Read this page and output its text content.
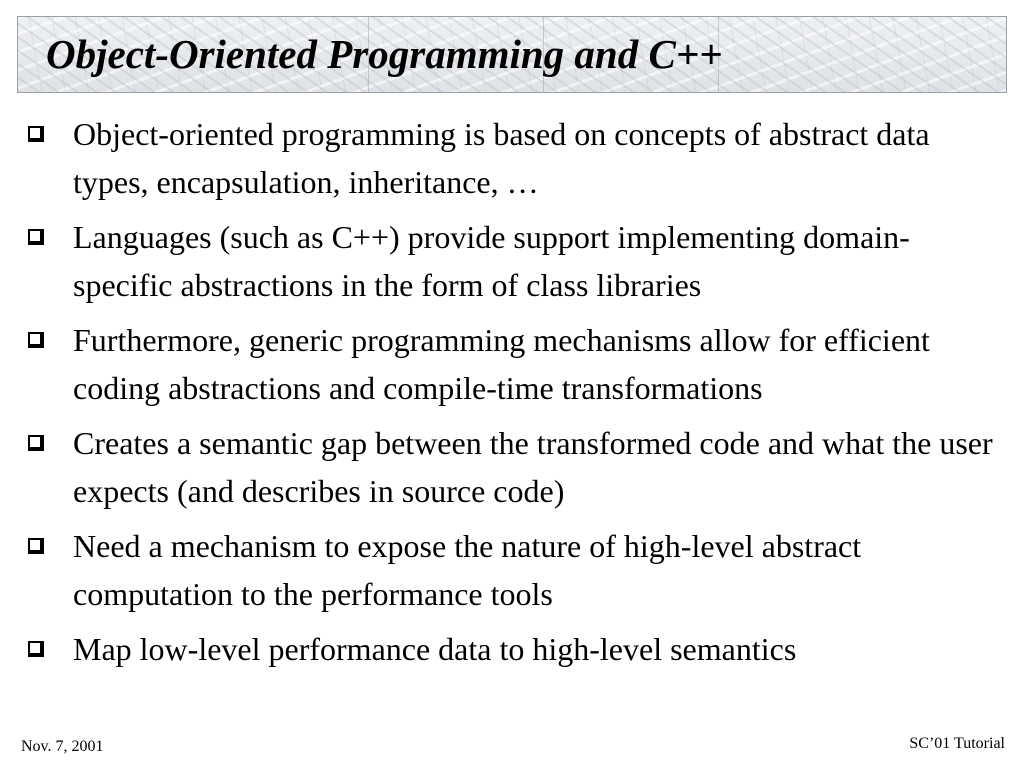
Object-Oriented Programming and C++
Object-oriented programming is based on concepts of abstract data types, encapsulation, inheritance, …
Languages (such as C++) provide support implementing domain-specific abstractions in the form of class libraries
Furthermore, generic programming mechanisms allow for efficient coding abstractions and compile-time transformations
Creates a semantic gap between the transformed code and what the user expects (and describes in source code)
Need a mechanism to expose the nature of high-level abstract computation to the performance tools
Map low-level performance data to high-level semantics
Nov. 7, 2001	SC’01 Tutorial
